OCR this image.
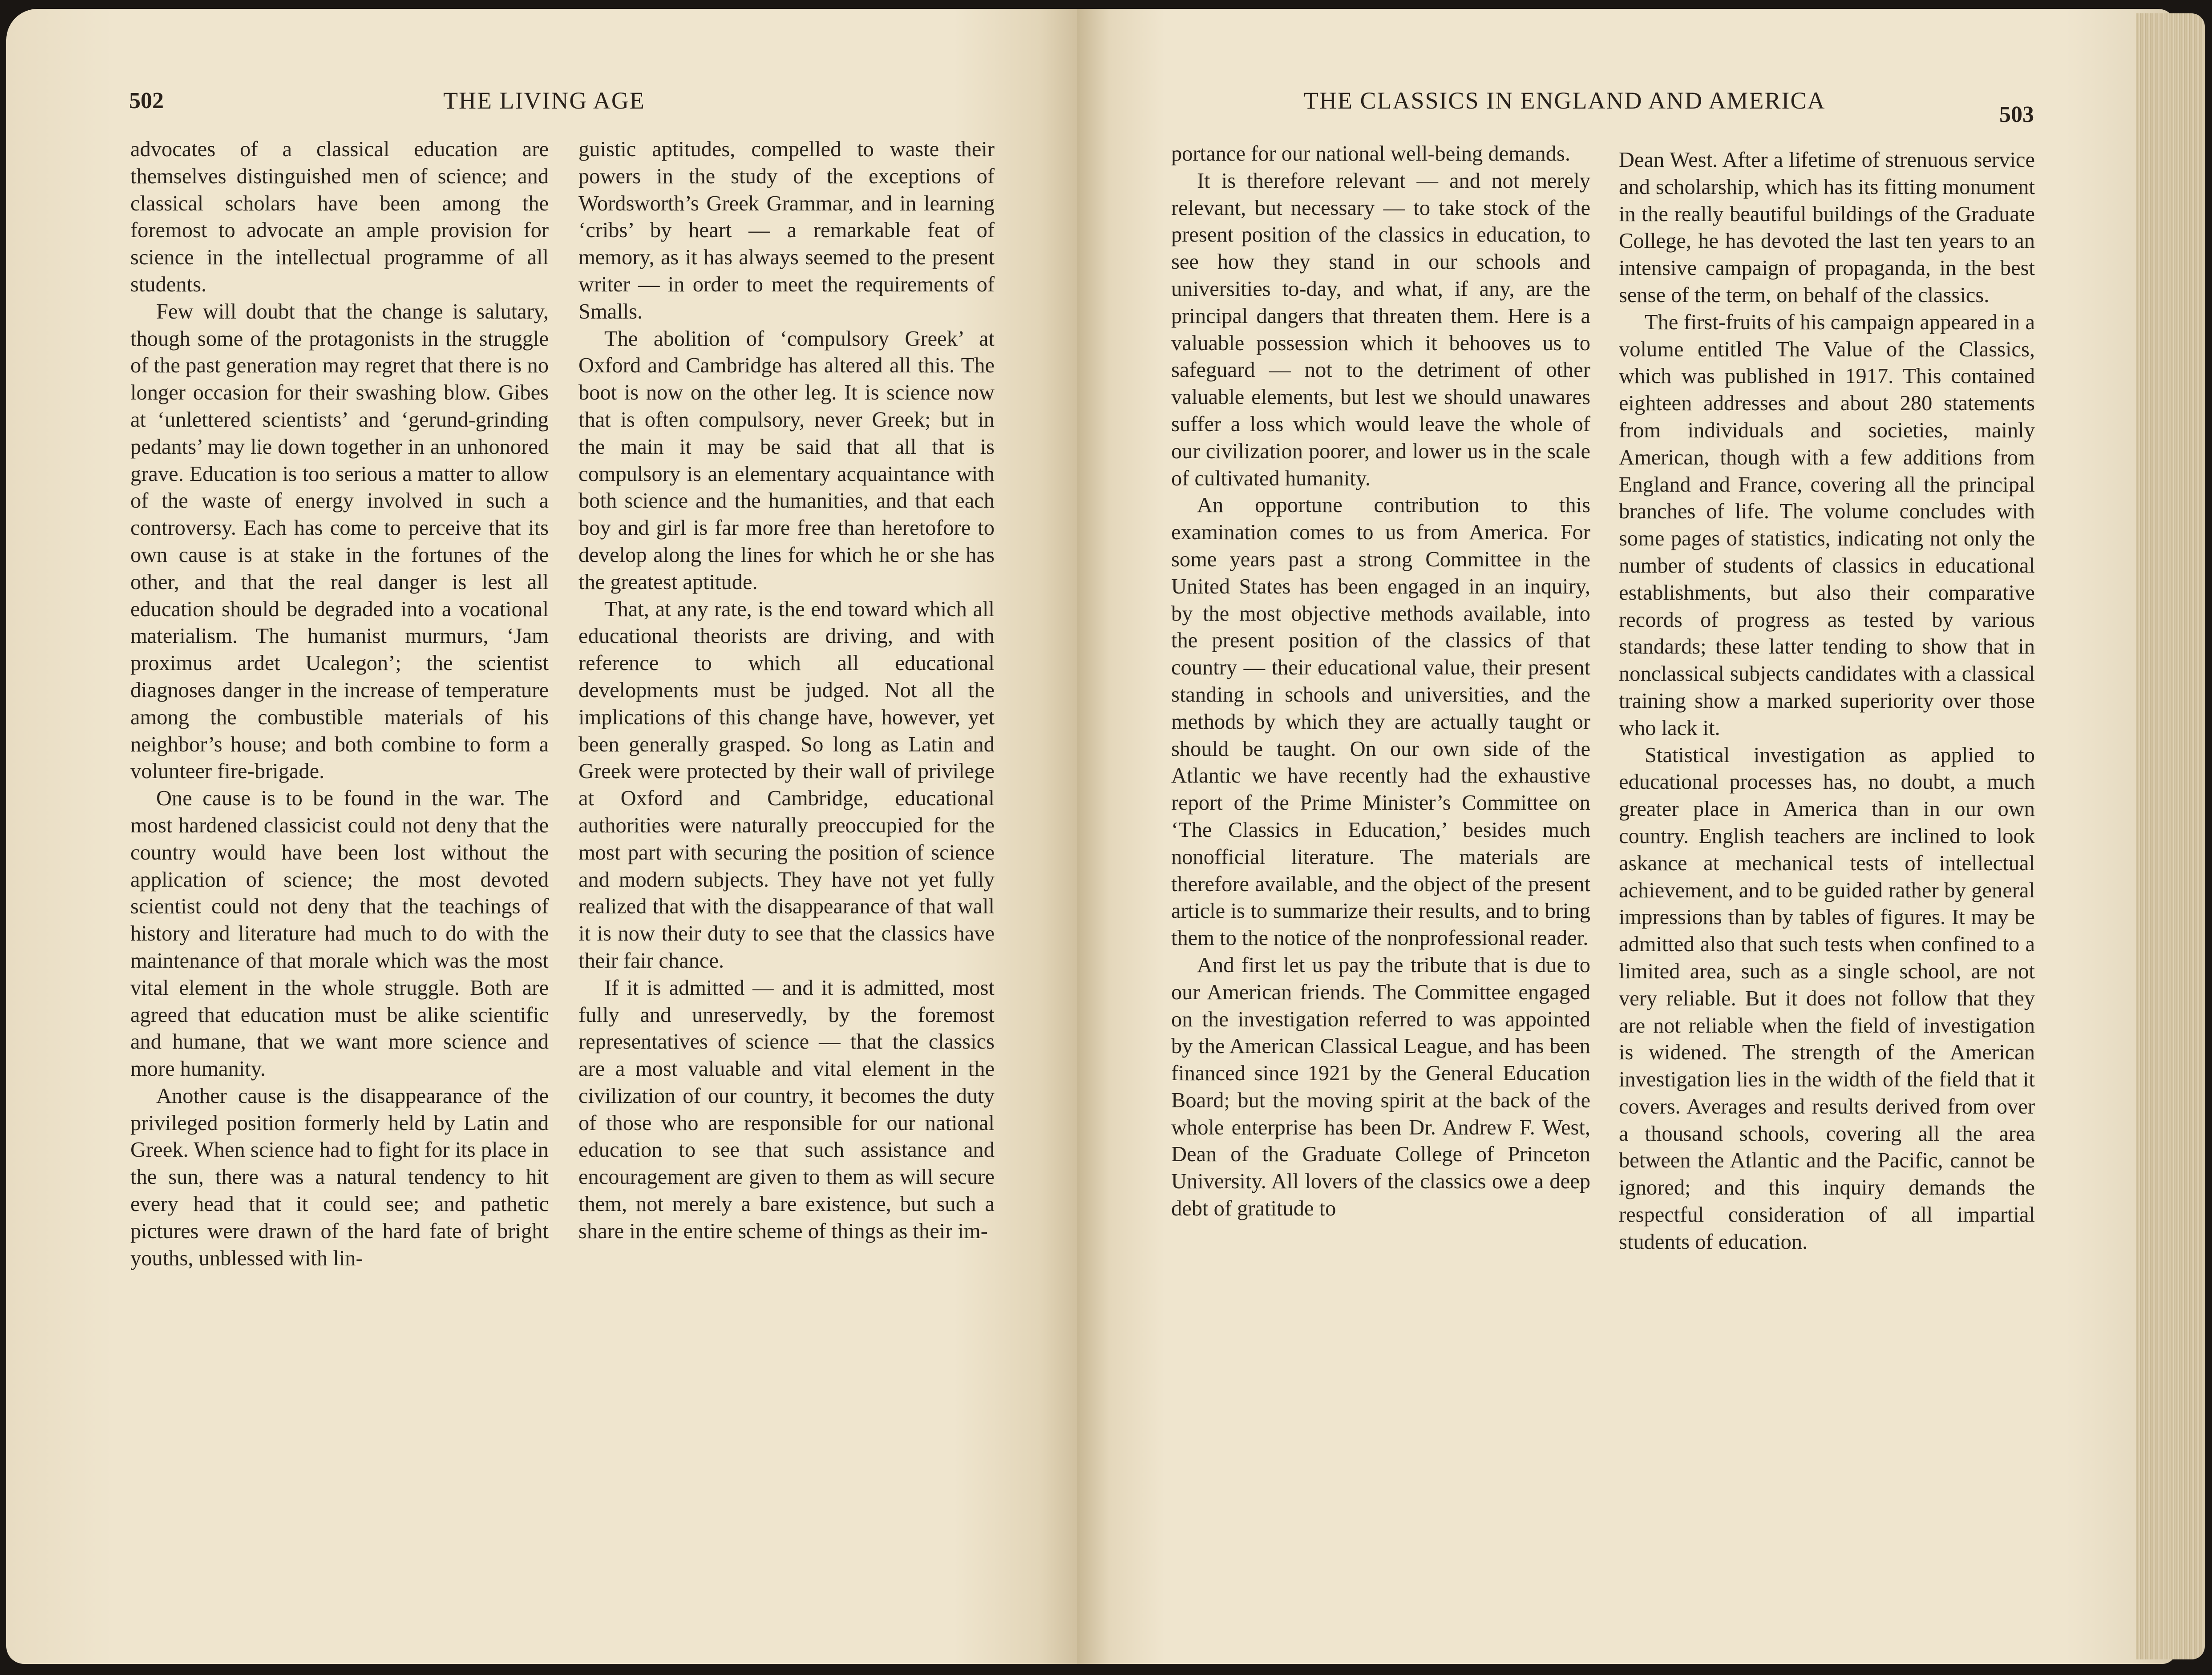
502	THE LIVING AGE	THE CLASSICS IN ENGLAND AND AMERICA
503

advocates of a classical education are themselves distinguished men of science; and classical scholars have been among the foremost to advocate an ample provision for science in the intellectual programme of all students.

Few will doubt that the change is salutary, though some of the protagonists in the struggle of the past generation may regret that there is no longer occasion for their swashing blow. Gibes at ‘unlettered scientists’ and ‘gerund-grinding pedants’ may lie down together in an unhonored grave. Education is too serious a matter to allow of the waste of energy involved in such a controversy. Each has come to perceive that its own cause is at stake in the fortunes of the other, and that the real danger is lest all education should be degraded into a vocational materialism. The humanist murmurs, ‘Jam proximus ardet Ucalegon’; the scientist diagnoses danger in the increase of temperature among the combustible materials of his neighbor’s house; and both combine to form a volunteer fire-brigade.

One cause is to be found in the war. The most hardened classicist could not deny that the country would have been lost without the application of science; the most devoted scientist could not deny that the teachings of history and literature had much to do with the maintenance of that morale which was the most vital element in the whole struggle. Both are agreed that education must be alike scientific and humane, that we want more science and more humanity.

Another cause is the disappearance of the privileged position formerly held by Latin and Greek. When science had to fight for its place in the sun, there was a natural tendency to hit every head that it could see; and pathetic pictures were drawn of the hard fate of bright youths, unblessed with lin-

guistic aptitudes, compelled to waste their powers in the study of the exceptions of Wordsworth’s Greek Grammar, and in learning ‘cribs’ by heart — a remarkable feat of memory, as it has always seemed to the present writer — in order to meet the requirements of Smalls.

The abolition of ‘compulsory Greek’ at Oxford and Cambridge has altered all this. The boot is now on the other leg. It is science now that is often compulsory, never Greek; but in the main it may be said that all that is compulsory is an elementary acquaintance with both science and the humanities, and that each boy and girl is far more free than heretofore to develop along the lines for which he or she has the greatest aptitude.

That, at any rate, is the end toward which all educational theorists are driving, and with reference to which all educational developments must be judged. Not all the implications of this change have, however, yet been generally grasped. So long as Latin and Greek were protected by their wall of privilege at Oxford and Cambridge, educational authorities were naturally preoccupied for the most part with securing the position of science and modern subjects. They have not yet fully realized that with the disappearance of that wall it is now their duty to see that the classics have their fair chance.

If it is admitted — and it is admitted, most fully and unreservedly, by the foremost representatives of science — that the classics are a most valuable and vital element in the civilization of our country, it becomes the duty of those who are responsible for our national education to see that such assistance and encouragement are given to them as will secure them, not merely a bare existence, but such a share in the entire scheme of things as their im-

portance for our national well-being demands.

It is therefore relevant — and not merely relevant, but necessary — to take stock of the present position of the classics in education, to see how they stand in our schools and universities to-day, and what, if any, are the principal dangers that threaten them. Here is a valuable possession which it behooves us to safeguard — not to the detriment of other valuable elements, but lest we should unawares suffer a loss which would leave the whole of our civilization poorer, and lower us in the scale of cultivated humanity.

An opportune contribution to this examination comes to us from America. For some years past a strong Committee in the United States has been engaged in an inquiry, by the most objective methods available, into the present position of the classics of that country — their educational value, their present standing in schools and universities, and the methods by which they are actually taught or should be taught. On our own side of the Atlantic we have recently had the exhaustive report of the Prime Minister’s Committee on ‘The Classics in Education,’ besides much nonofficial literature. The materials are therefore available, and the object of the present article is to summarize their results, and to bring them to the notice of the nonprofessional reader.

And first let us pay the tribute that is due to our American friends. The Committee engaged on the investigation referred to was appointed by the American Classical League, and has been financed since 1921 by the General Education Board; but the moving spirit at the back of the whole enterprise has been Dr. Andrew F. West, Dean of the Graduate College of Princeton University. All lovers of the classics owe a deep debt of gratitude to

Dean West. After a lifetime of strenuous service and scholarship, which has its fitting monument in the really beautiful buildings of the Graduate College, he has devoted the last ten years to an intensive campaign of propaganda, in the best sense of the term, on behalf of the classics.

The first-fruits of his campaign appeared in a volume entitled The Value of the Classics, which was published in 1917. This contained eighteen addresses and about 280 statements from individuals and societies, mainly American, though with a few additions from England and France, covering all the principal branches of life. The volume concludes with some pages of statistics, indicating not only the number of students of classics in educational establishments, but also their comparative records of progress as tested by various standards; these latter tending to show that in nonclassical subjects candidates with a classical training show a marked superiority over those who lack it.

Statistical investigation as applied to educational processes has, no doubt, a much greater place in America than in our own country. English teachers are inclined to look askance at mechanical tests of intellectual achievement, and to be guided rather by general impressions than by tables of figures. It may be admitted also that such tests when confined to a limited area, such as a single school, are not very reliable. But it does not follow that they are not reliable when the field of investigation is widened. The strength of the American investigation lies in the width of the field that it covers. Averages and results derived from over a thousand schools, covering all the area between the Atlantic and the Pacific, cannot be ignored; and this inquiry demands the respectful consideration of all impartial students of education.
